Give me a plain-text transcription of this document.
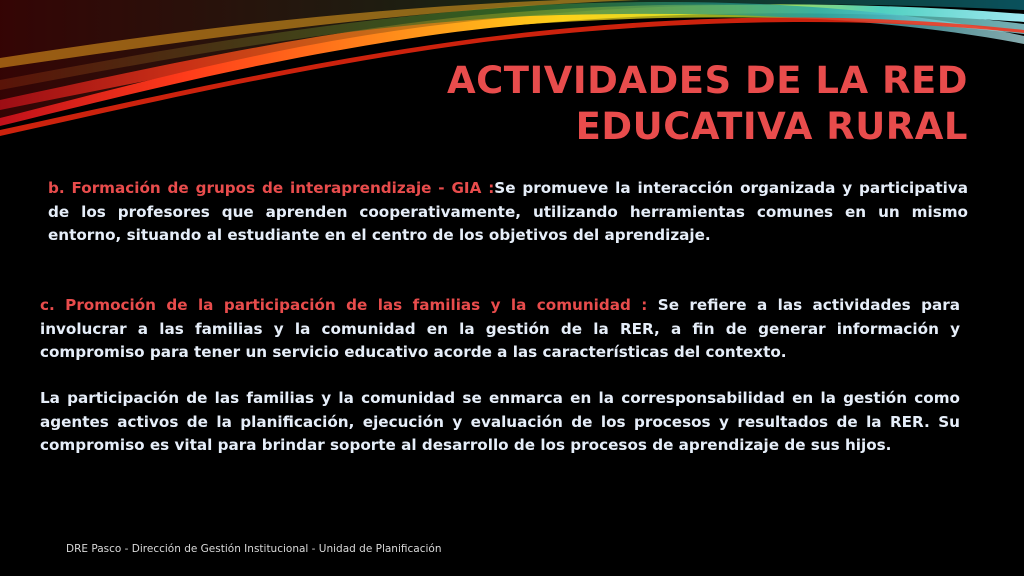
ACTIVIDADES DE LA RED
EDUCATIVA RURAL

b. Formación de grupos de interaprendizaje - GIA :Se promueve la interacción organizada y participativa de los profesores que aprenden cooperativamente, utilizando herramientas comunes en un mismo entorno, situando al estudiante en el centro de los objetivos del aprendizaje.

c. Promoción de la participación de las familias y la comunidad : Se refiere a las actividades para involucrar a las familias y la comunidad en la gestión de la RER, a fin de generar información y compromiso para tener un servicio educativo acorde a las características del contexto.

La participación de las familias y la comunidad se enmarca en la corresponsabilidad en la gestión como agentes activos de la planificación, ejecución y evaluación de los procesos y resultados de la RER. Su compromiso es vital para brindar soporte al desarrollo de los procesos de aprendizaje de sus hijos.

DRE Pasco - Dirección de Gestión Institucional - Unidad de Planificación
